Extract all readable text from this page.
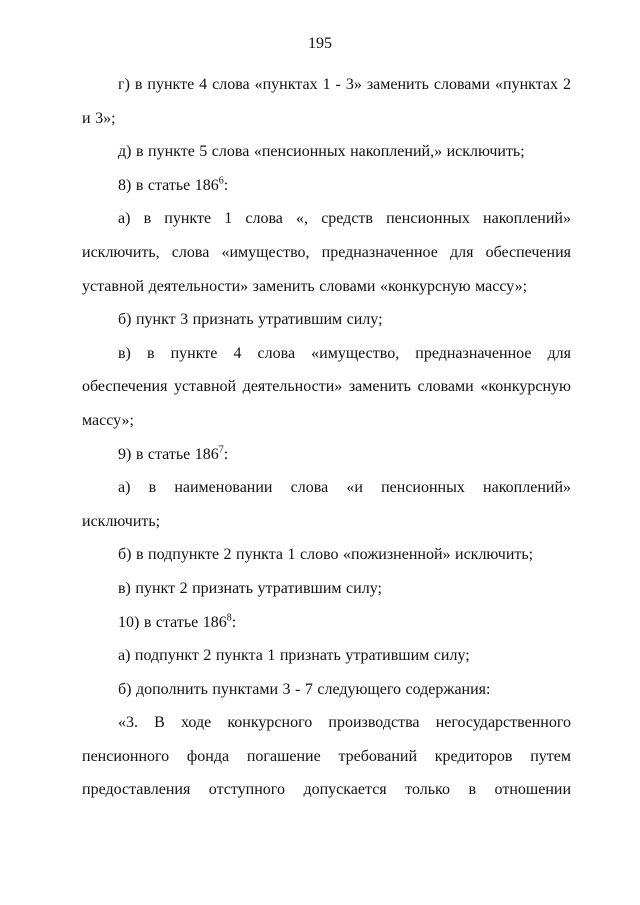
195

г) в пункте 4 слова «пунктах 1 - 3» заменить словами «пунктах 2 и 3»;

д) в пункте 5 слова «пенсионных накоплений,» исключить;

8) в статье $186^6$:

а) в пункте 1 слова «, средств пенсионных накоплений» исключить, слова «имущество, предназначенное для обеспечения уставной деятельности» заменить словами «конкурсную массу»;

б) пункт 3 признать утратившим силу;

в) в пункте 4 слова «имущество, предназначенное для обеспечения уставной деятельности» заменить словами «конкурсную массу»;

9) в статье $186^7$:

а) в наименовании слова «и пенсионных накоплений» исключить;

б) в подпункте 2 пункта 1 слово «пожизненной» исключить;

в) пункт 2 признать утратившим силу;

10) в статье $186^8$:

а) подпункт 2 пункта 1 признать утратившим силу;

б) дополнить пунктами 3 - 7 следующего содержания:

«3. В ходе конкурсного производства негосударственного пенсионного фонда погашение требований кредиторов путем предоставления отступного допускается только в отношении
